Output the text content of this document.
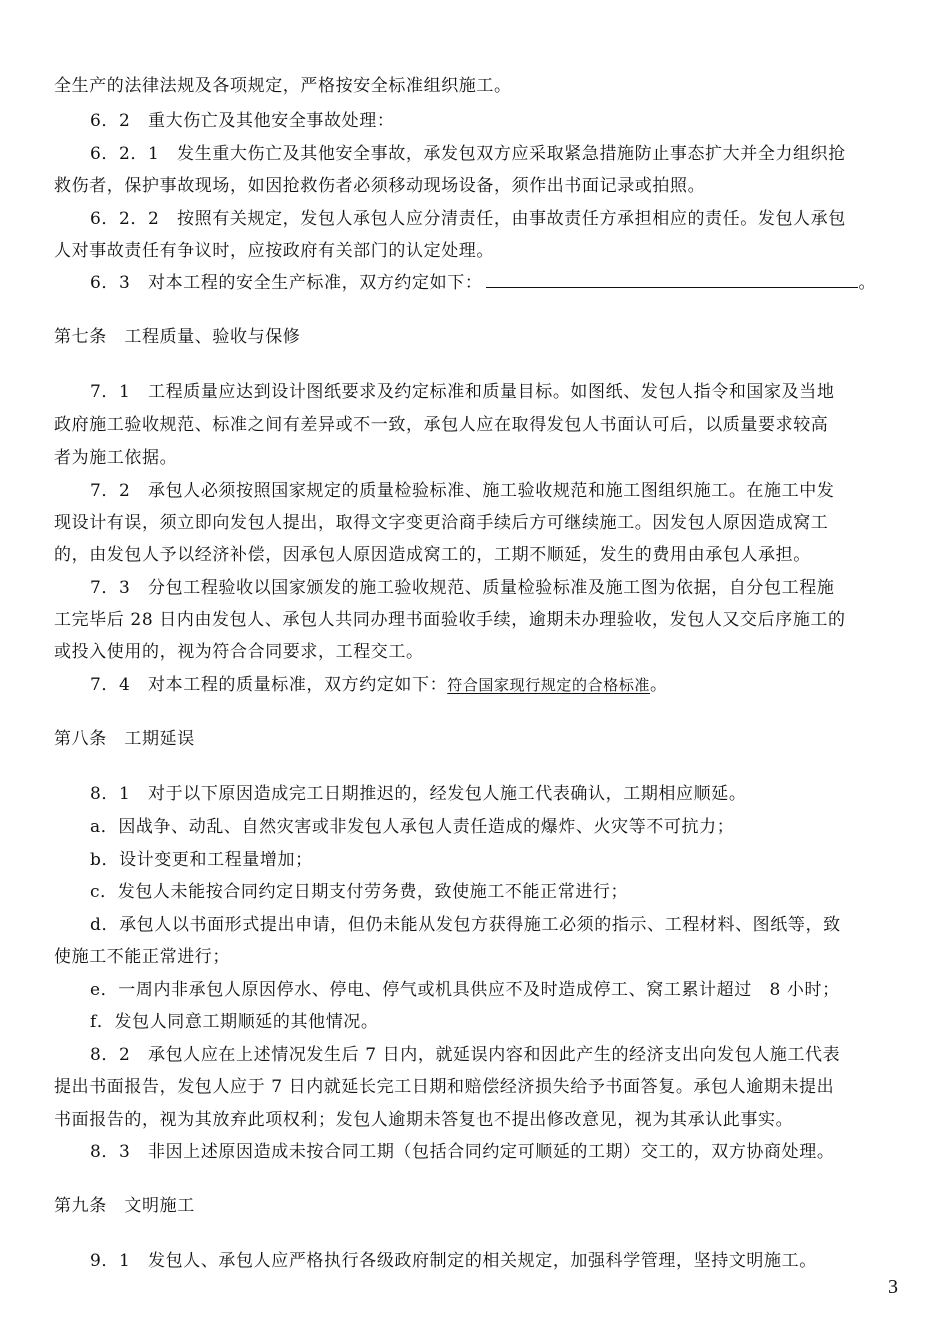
全生产的法律法规及各项规定，严格按安全标准组织施工。
6．2　重大伤亡及其他安全事故处理：
6．2．1　发生重大伤亡及其他安全事故，承发包双方应采取紧急措施防止事态扩大并全力组织抢
救伤者，保护事故现场，如因抢救伤者必须移动现场设备，须作出书面记录或拍照。
6．2．2　按照有关规定，发包人承包人应分清责任，由事故责任方承担相应的责任。发包人承包
人对事故责任有争议时，应按政府有关部门的认定处理。
6．3　对本工程的安全生产标准，双方约定如下：	。
第七条　工程质量、验收与保修
7．1　工程质量应达到设计图纸要求及约定标准和质量目标。如图纸、发包人指令和国家及当地
政府施工验收规范、标准之间有差异或不一致，承包人应在取得发包人书面认可后，以质量要求较高
者为施工依据。
7．2　承包人必须按照国家规定的质量检验标准、施工验收规范和施工图组织施工。在施工中发
现设计有误，须立即向发包人提出，取得文字变更洽商手续后方可继续施工。因发包人原因造成窝工
的，由发包人予以经济补偿，因承包人原因造成窝工的，工期不顺延，发生的费用由承包人承担。
7．3　分包工程验收以国家颁发的施工验收规范、质量检验标准及施工图为依据，自分包工程施
工完毕后 28 日内由发包人、承包人共同办理书面验收手续，逾期未办理验收，发包人又交后序施工的
或投入使用的，视为符合合同要求，工程交工。
7．4　对本工程的质量标准，双方约定如下：符合国家现行规定的合格标准。
第八条　工期延误
8．1　对于以下原因造成完工日期推迟的，经发包人施工代表确认，工期相应顺延。
a．因战争、动乱、自然灾害或非发包人承包人责任造成的爆炸、火灾等不可抗力；
b．设计变更和工程量增加；
c．发包人未能按合同约定日期支付劳务费，致使施工不能正常进行；
d．承包人以书面形式提出申请，但仍未能从发包方获得施工必须的指示、工程材料、图纸等，致
使施工不能正常进行；
e．一周内非承包人原因停水、停电、停气或机具供应不及时造成停工、窝工累计超过　8 小时；
f．发包人同意工期顺延的其他情况。
8．2　承包人应在上述情况发生后 7 日内，就延误内容和因此产生的经济支出向发包人施工代表
提出书面报告，发包人应于 7 日内就延长完工日期和赔偿经济损失给予书面答复。承包人逾期未提出
书面报告的，视为其放弃此项权利；发包人逾期未答复也不提出修改意见，视为其承认此事实。
8．3　非因上述原因造成未按合同工期（包括合同约定可顺延的工期）交工的，双方协商处理。
第九条　文明施工
9．1　发包人、承包人应严格执行各级政府制定的相关规定，加强科学管理，坚持文明施工。
3
